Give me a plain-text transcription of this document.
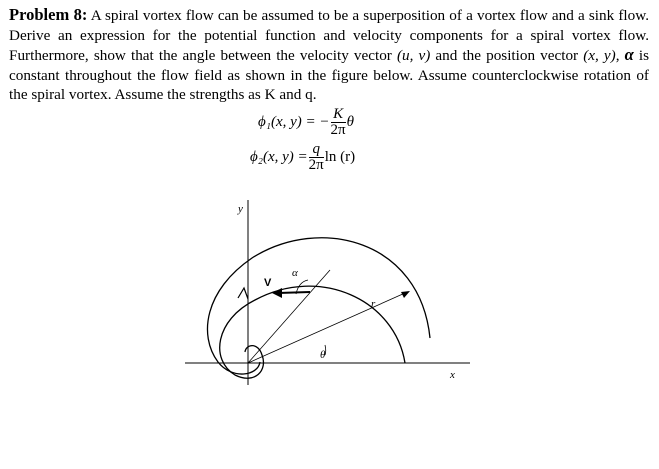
Problem 8: A spiral vortex flow can be assumed to be a superposition of a vortex flow and a sink flow. Derive an expression for the potential function and velocity components for a spiral vortex flow. Furthermore, show that the angle between the velocity vector (u, v) and the position vector (x, y), α is constant throughout the flow field as shown in the figure below. Assume counterclockwise rotation of the spiral vortex. Assume the strengths as K and q.
ϕ₁(x, y) = − $\frac{K}{2\pi}$ θ
ϕ₂(x, $y) = \frac{q}{2\pi}$ ln (r)
y
x
V
α
r
θ
